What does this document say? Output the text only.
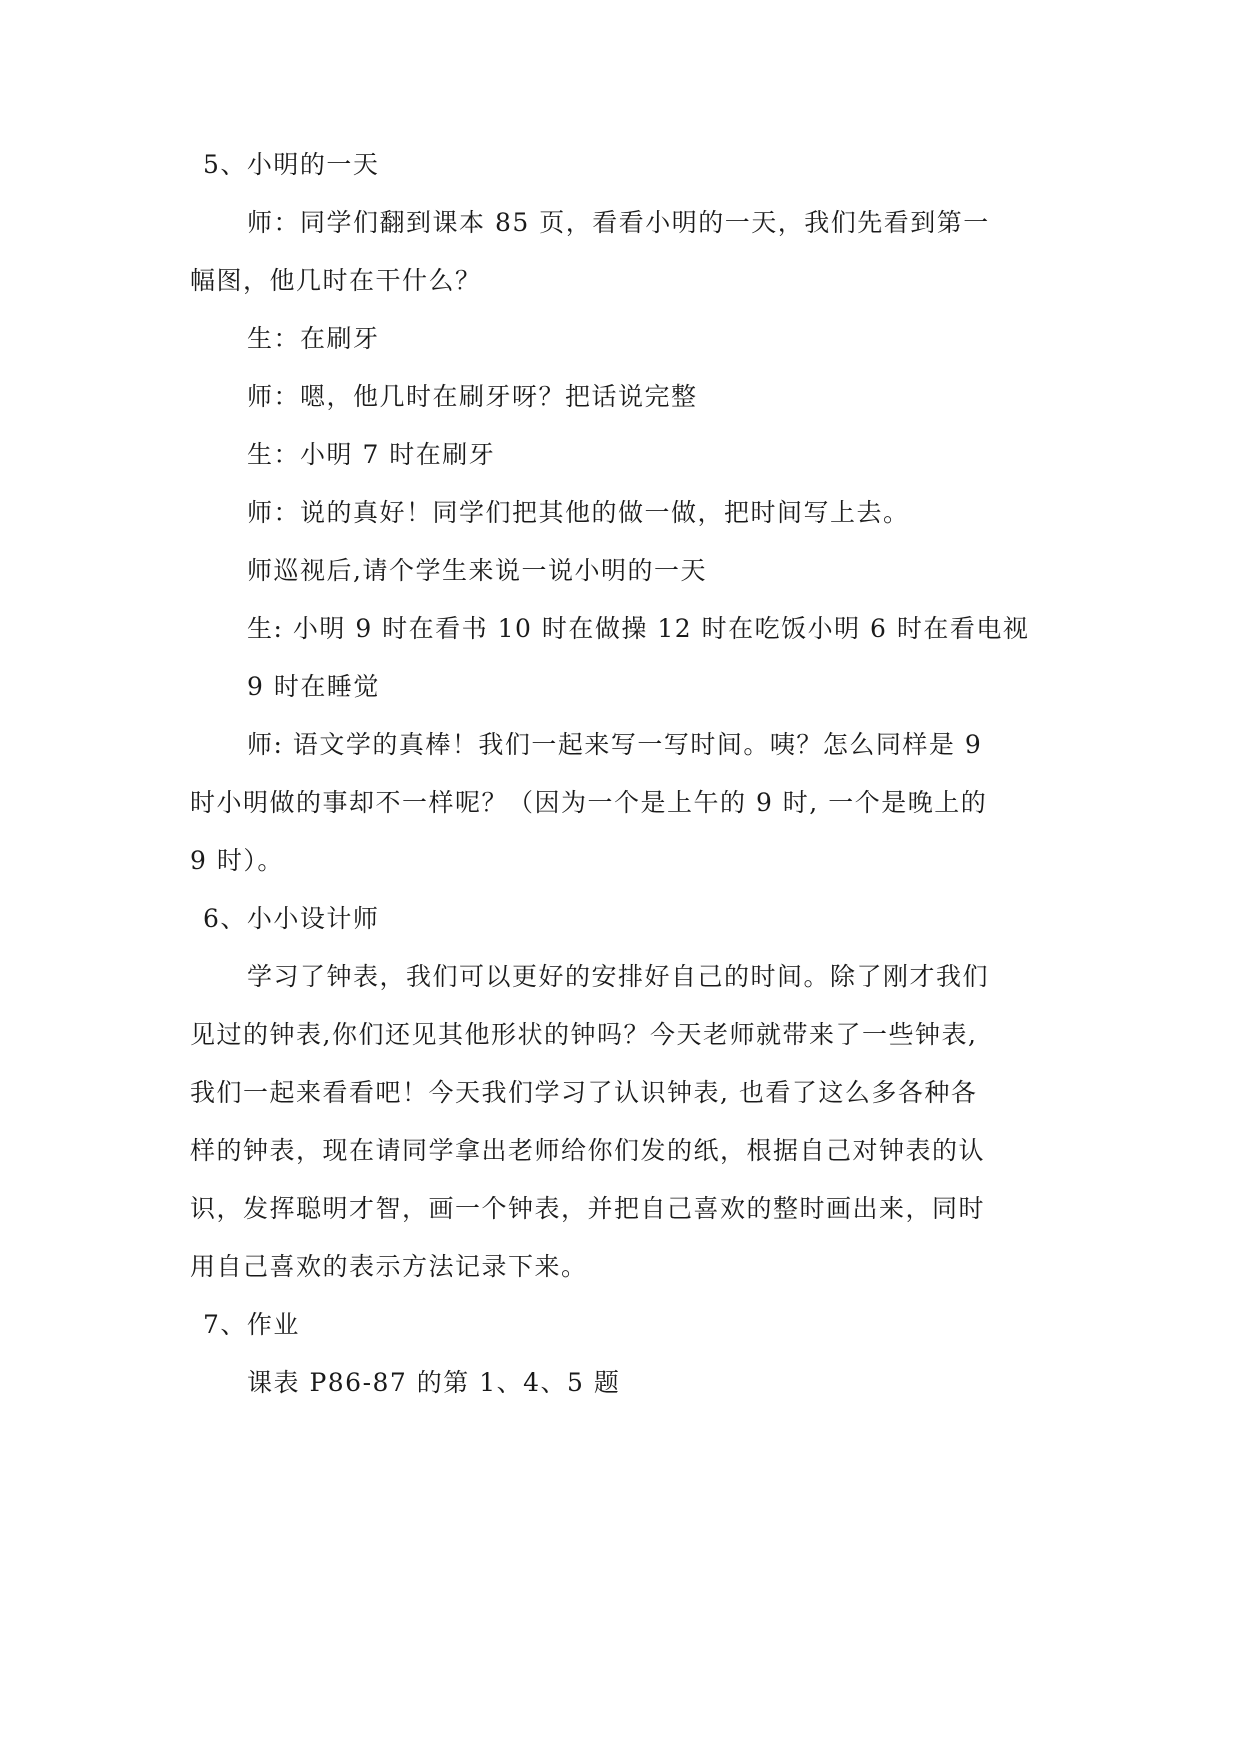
5、小明的一天

师：同学们翻到课本 85 页，看看小明的一天，我们先看到第一

幅图，他几时在干什么？

生：在刷牙

师：嗯，他几时在刷牙呀？把话说完整

生：小明 7 时在刷牙

师：说的真好！同学们把其他的做一做，把时间写上去。

师巡视后,请个学生来说一说小明的一天

生: 小明 9 时在看书 10 时在做操 12 时在吃饭小明 6 时在看电视

9 时在睡觉

师: 语文学的真棒！我们一起来写一写时间。咦？怎么同样是 9

时小明做的事却不一样呢？（因为一个是上午的 9 时, 一个是晚上的

9 时）。

6、小小设计师

学习了钟表，我们可以更好的安排好自己的时间。除了刚才我们

见过的钟表,你们还见其他形状的钟吗？今天老师就带来了一些钟表,

我们一起来看看吧！今天我们学习了认识钟表, 也看了这么多各种各

样的钟表，现在请同学拿出老师给你们发的纸，根据自己对钟表的认

识，发挥聪明才智，画一个钟表，并把自己喜欢的整时画出来，同时

用自己喜欢的表示方法记录下来。

7、作业

课表 P86-87 的第 1、4、5 题
